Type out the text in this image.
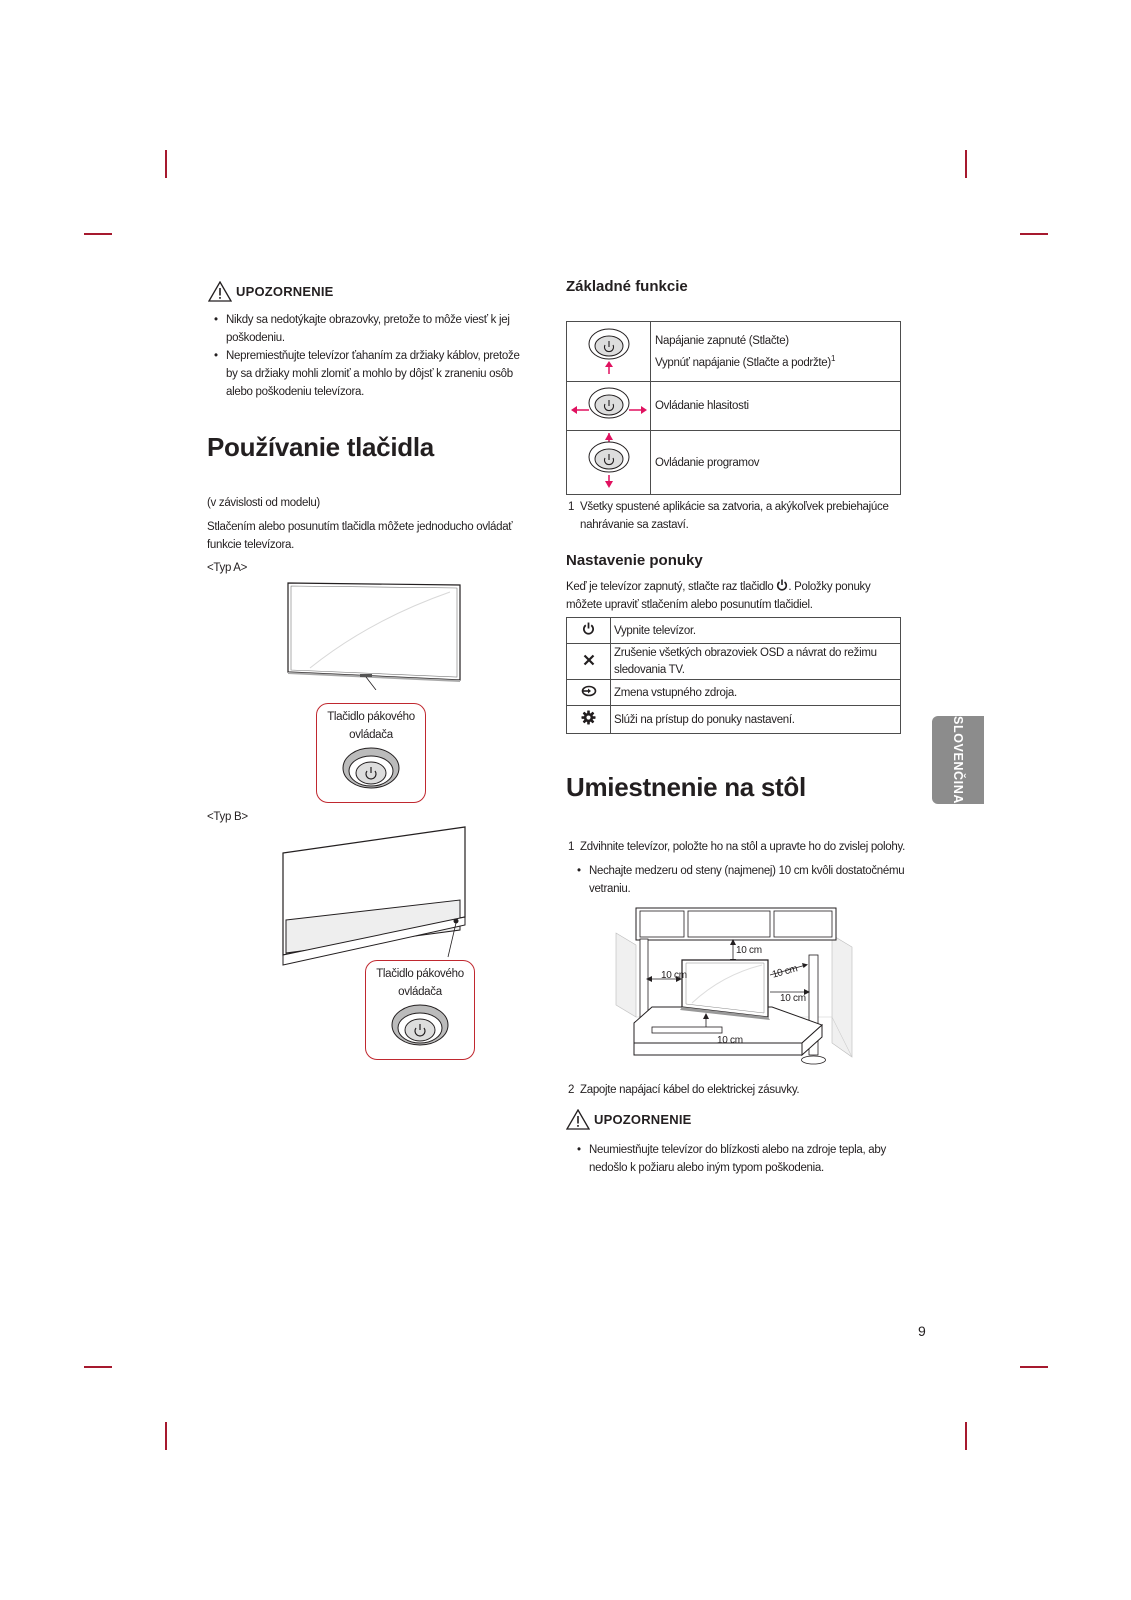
UPOZORNENIE
• Nikdy sa nedotýkajte obrazovky, pretože to môže viesť k jej poškodeniu.
• Nepremiestňujte televízor ťahaním za držiaky káblov, pretože by sa držiaky mohli zlomiť a mohlo by dôjsť k zraneniu osôb alebo poškodeniu televízora.
Používanie tlačidla
(v závislosti od modelu)
Stlačením alebo posunutím tlačidla môžete jednoducho ovládať funkcie televízora.
<Typ A>
Tlačidlo pákového ovládača
<Typ B>
Tlačidlo pákového ovládača
Základné funkcie

Napájanie zapnuté (Stlačte)
Vypnúť napájanie (Stlačte a podržte)$^1$

	Ovládanie hlasitosti
	Ovládanie programov
1 Všetky spustené aplikácie sa zatvoria, a akýkoľvek prebiehajúce nahrávanie sa zastaví.
Nastavenie ponuky
Keď je televízor zapnutý, stlačte raz tlačidlo . Položky ponuky môžete upraviť stlačením alebo posunutím tlačidiel.
	Vypnite televízor.
	Zrušenie všetkých obrazoviek OSD a návrat do režimu sledovania TV.
	Zmena vstupného zdroja.
	Slúži na prístup do ponuky nastavení.
Umiestnenie na stôl
1 Zdvihnite televízor, položte ho na stôl a upravte ho do zvislej polohy.
• Nechajte medzeru od steny (najmenej) 10 cm kvôli dostatočnému vetraniu.
10 cm
10 cm	10 cm
10 cm
10 cm
2 Zapojte napájací kábel do elektrickej zásuvky.
UPOZORNENIE
• Neumiestňujte televízor do blízkosti alebo na zdroje tepla, aby nedošlo k požiaru alebo iným typom poškodenia.
SLOVENČINA
9
